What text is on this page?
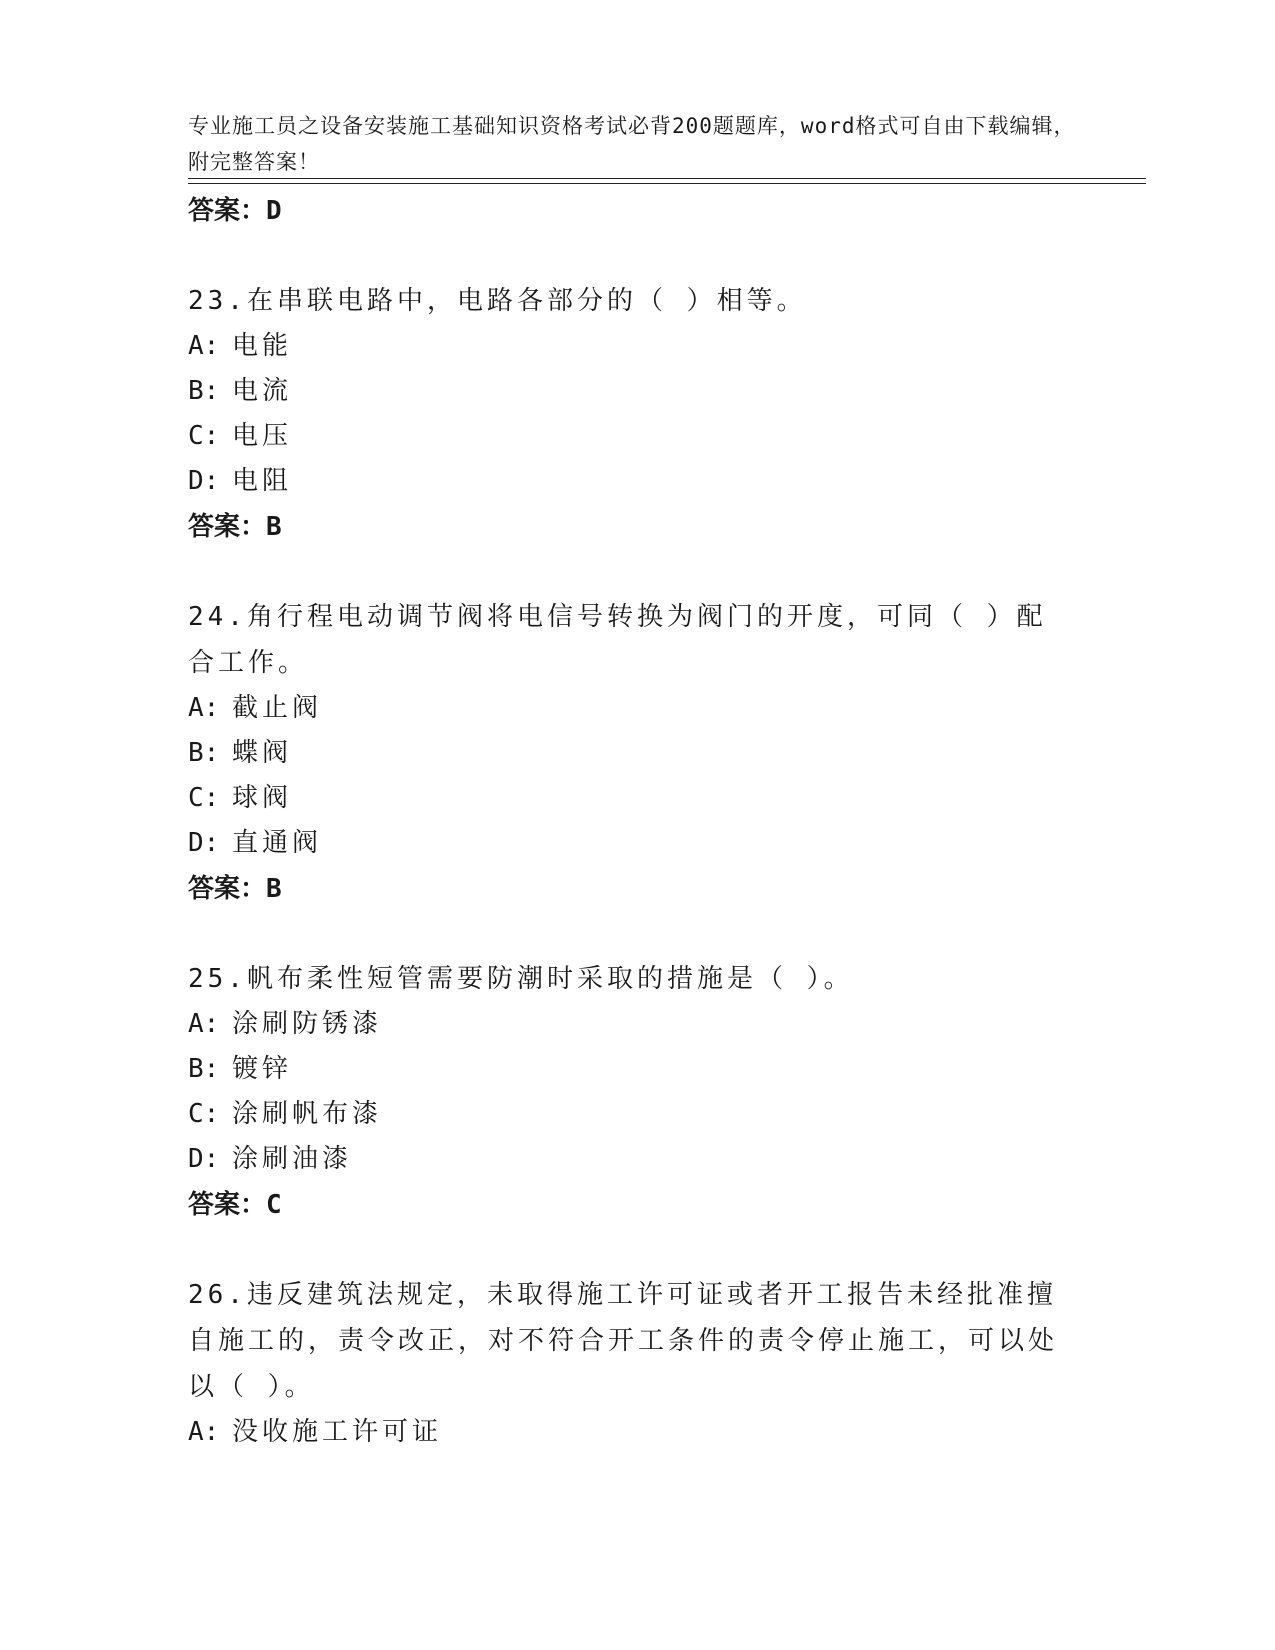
专业施工员之设备安装施工基础知识资格考试必背200题题库，word格式可自由下载编辑，附完整答案！

答案：D
23.在串联电路中，电路各部分的（ ）相等。
A: 电能
B: 电流
C: 电压
D: 电阻
答案：B
24.角行程电动调节阀将电信号转换为阀门的开度，可同（ ）配合工作。
A: 截止阀
B: 蝶阀
C: 球阀
D: 直通阀
答案：B
25.帆布柔性短管需要防潮时采取的措施是（ ）。
A: 涂刷防锈漆
B: 镀锌
C: 涂刷帆布漆
D: 涂刷油漆
答案：C
26.违反建筑法规定，未取得施工许可证或者开工报告未经批准擅自施工的，责令改正，对不符合开工条件的责令停止施工，可以处以（ ）。
A: 没收施工许可证
